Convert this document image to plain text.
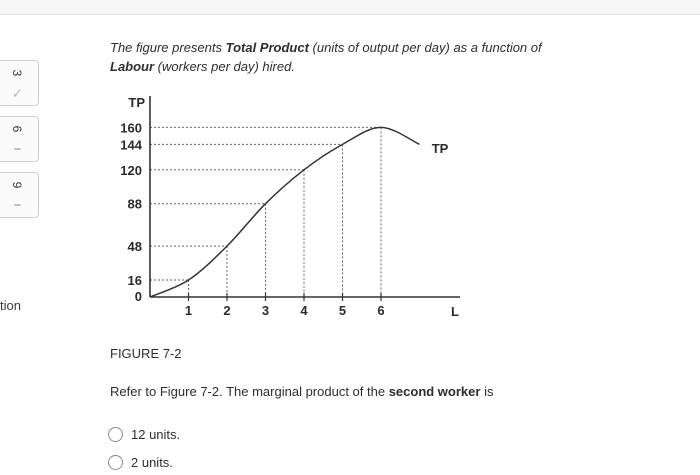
3
✓
6
--
9
--
tion
The figure presents Total Product (units of output per day) as a function of Labour (workers per day) hired.
16
48
88
120
144
160
0
1 2 3 4 5 6
TP
L
TP
FIGURE 7-2
Refer to Figure 7-2. The marginal product of the second worker is
12 units.
2 units.
